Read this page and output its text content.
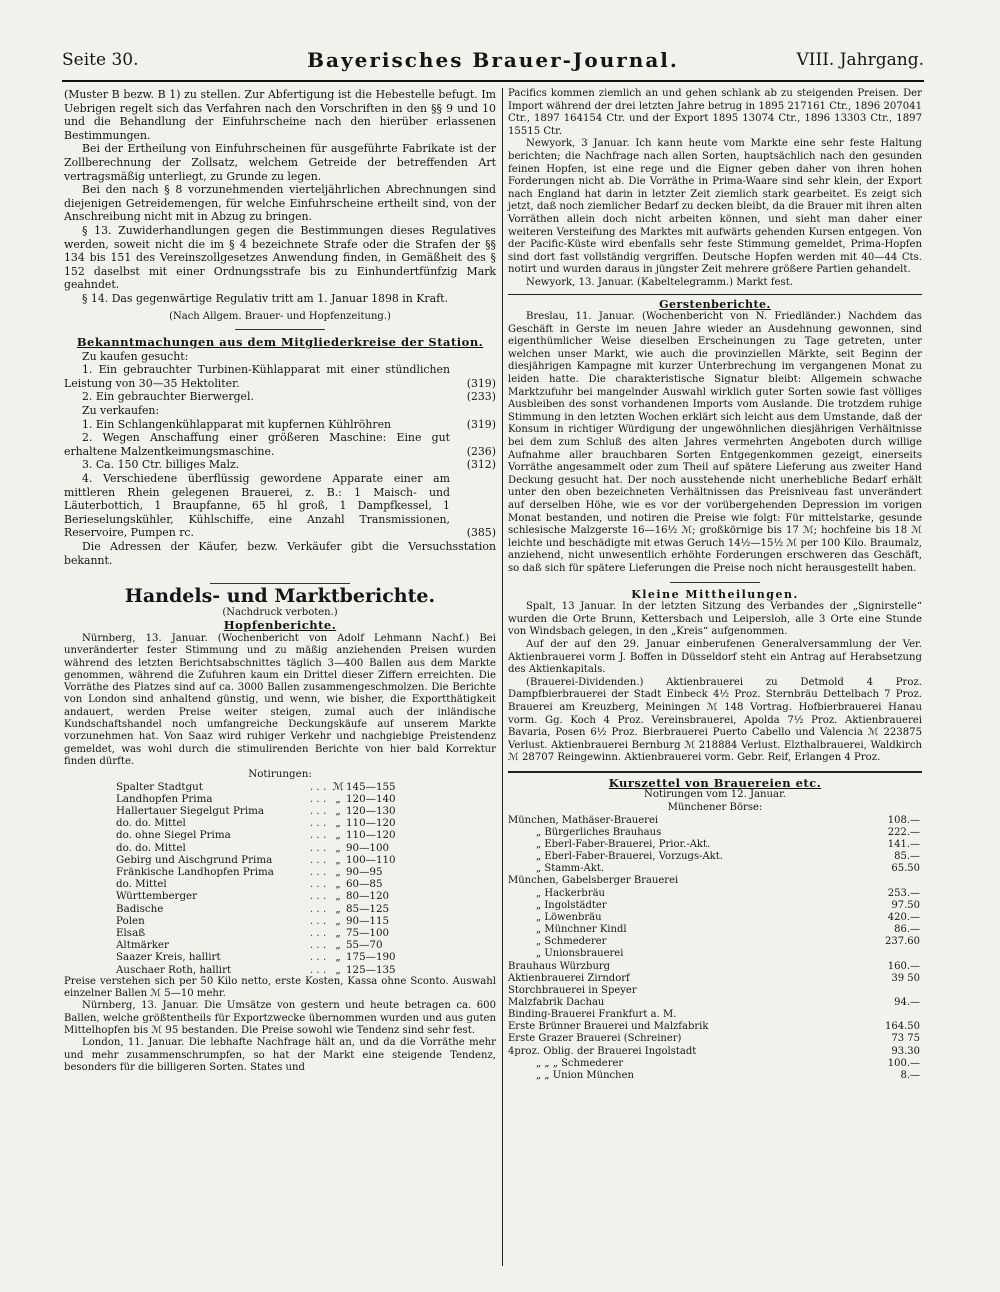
Seite 30.	Bayerisches Brauer-Journal.	VIII. Jahrgang.

(Muster B bezw. B 1) zu stellen. Zur Abfertigung ist die Hebestelle befugt. Im Uebrigen regelt sich das Verfahren nach den Vorschriften in den §§ 9 und 10 und die Behandlung der Einfuhrscheine nach den hierüber erlassenen Bestimmungen.

Bei der Ertheilung von Einfuhrscheinen für ausgeführte Fabrikate ist der Zollberechnung der Zollsatz, welchem Getreide der betreffenden Art vertragsmäßig unterliegt, zu Grunde zu legen.

Bei den nach § 8 vorzunehmenden vierteljährlichen Abrechnungen sind diejenigen Getreidemengen, für welche Einfuhrscheine ertheilt sind, von der Anschreibung nicht mit in Abzug zu bringen.

§ 13. Zuwiderhandlungen gegen die Bestimmungen dieses Regulatives werden, soweit nicht die im § 4 bezeichnete Strafe oder die Strafen der §§ 134 bis 151 des Vereinszollgesetzes Anwendung finden, in Gemäßheit des § 152 daselbst mit einer Ordnungsstrafe bis zu Einhundertfünfzig Mark geahndet.

§ 14. Das gegenwärtige Regulativ tritt am 1. Januar 1898 in Kraft.

(Nach Allgem. Brauer- und Hopfenzeitung.)

Bekanntmachungen aus dem Mitgliederkreise der Station.

Zu kaufen gesucht:

1. Ein gebrauchter Turbinen-Kühlapparat mit einer stündlichen Leistung von 30—35 Hektoliter.	(319)

2. Ein gebrauchter Bierwergel.	(233)

Zu verkaufen:

1. Ein Schlangenkühlapparat mit kupfernen Kühlröhren	(319)

2. Wegen Anschaffung einer größeren Maschine: Eine gut erhaltene Malzentkeimungsmaschine.	(236)

3. Ca. 150 Ctr. billiges Malz.	(312)

4. Verschiedene überflüssig gewordene Apparate einer am mittleren Rhein gelegenen Brauerei, z. B.: 1 Maisch- und Läuterbottich, 1 Braupfanne, 65 hl groß, 1 Dampfkessel, 1 Berieselungskühler, Kühlschiffe, eine Anzahl Transmissionen, Reservoire, Pumpen rc.	(385)

Die Adressen der Käufer, bezw. Verkäufer gibt die Versuchsstation bekannt.

Handels- und Marktberichte.

(Nachdruck verboten.)

Hopfenberichte.

Nürnberg, 13. Januar. (Wochenbericht von Adolf Lehmann Nachf.) Bei unveränderter fester Stimmung und zu mäßig anziehenden Preisen wurden während des letzten Berichtsabschnittes täglich 3—400 Ballen aus dem Markte genommen, während die Zufuhren kaum ein Drittel dieser Ziffern erreichten. Die Vorräthe des Platzes sind auf ca. 3000 Ballen zusammengeschmolzen. Die Berichte von London sind anhaltend günstig, und wenn, wie bisher, die Exportthätigkeit andauert, werden Preise weiter steigen, zumal auch der inländische Kundschaftshandel noch umfangreiche Deckungskäufe auf unserem Markte vorzunehmen hat. Von Saaz wird ruhiger Verkehr und nachgiebige Preistendenz gemeldet, was wohl durch die stimulirenden Berichte von hier bald Korrektur finden dürfte.

Notirungen:

Spalter Stadtgut	. . .	ℳ	145—155
Landhopfen Prima	. . .	„	120—140
Hallertauer Siegelgut Prima	. . .	„	120—130
do. do. Mittel	. . .	„	110—120
do. ohne Siegel Prima	. . .	„	110—120
do. do. Mittel	. . .	„	90—100
Gebirg und Aischgrund Prima	. . .	„	100—110
Fränkische Landhopfen Prima	. . .	„	90—95
do. Mittel	. . .	„	60—85
Württemberger	. . .	„	80—120
Badische	. . .	„	85—125
Polen	. . .	„	90—115
Elsaß	. . .	„	75—100
Altmärker	. . .	„	55—70
Saazer Kreis, hallirt	. . .	„	175—190
Auschaer Roth, hallirt	. . .	„	125—135

Preise verstehen sich per 50 Kilo netto, erste Kosten, Kassa ohne Sconto. Auswahl einzelner Ballen ℳ 5—10 mehr.

Nürnberg, 13. Januar. Die Umsätze von gestern und heute betragen ca. 600 Ballen, welche größtentheils für Exportzwecke übernommen wurden und aus guten Mittelhopfen bis ℳ 95 bestanden. Die Preise sowohl wie Tendenz sind sehr fest.

London, 11. Januar. Die lebhafte Nachfrage hält an, und da die Vorräthe mehr und mehr zusammenschrumpfen, so hat der Markt eine steigende Tendenz, besonders für die billigeren Sorten. States und

Pacifics kommen ziemlich an und gehen schlank ab zu steigenden Preisen. Der Import während der drei letzten Jahre betrug in 1895 217161 Ctr., 1896 207041 Ctr., 1897 164154 Ctr. und der Export 1895 13074 Ctr., 1896 13303 Ctr., 1897 15515 Ctr.

Newyork, 3 Januar. Ich kann heute vom Markte eine sehr feste Haltung berichten; die Nachfrage nach allen Sorten, hauptsächlich nach den gesunden feinen Hopfen, ist eine rege und die Eigner geben daher von ihren hohen Forderungen nicht ab. Die Vorräthe in Prima-Waare sind sehr klein, der Export nach England hat darin in letzter Zeit ziemlich stark gearbeitet. Es zeigt sich jetzt, daß noch ziemlicher Bedarf zu decken bleibt, da die Brauer mit ihren alten Vorräthen allein doch nicht arbeiten können, und sieht man daher einer weiteren Versteifung des Marktes mit aufwärts gehenden Kursen entgegen. Von der Pacific-Küste wird ebenfalls sehr feste Stimmung gemeldet, Prima-Hopfen sind dort fast vollständig vergriffen. Deutsche Hopfen werden mit 40—44 Cts. notirt und wurden daraus in jüngster Zeit mehrere größere Partien gehandelt.

Newyork, 13. Januar. (Kabeltelegramm.) Markt fest.

Gerstenberichte.

Breslau, 11. Januar. (Wochenbericht von N. Friedländer.) Nachdem das Geschäft in Gerste im neuen Jahre wieder an Ausdehnung gewonnen, sind eigenthümlicher Weise dieselben Erscheinungen zu Tage getreten, unter welchen unser Markt, wie auch die provinziellen Märkte, seit Beginn der diesjährigen Kampagne mit kurzer Unterbrechung im vergangenen Monat zu leiden hatte. Die charakteristische Signatur bleibt: Allgemein schwache Marktzufuhr bei mangelnder Auswahl wirklich guter Sorten sowie fast völliges Ausbleiben des sonst vorhandenen Imports vom Auslande. Die trotzdem ruhige Stimmung in den letzten Wochen erklärt sich leicht aus dem Umstande, daß der Konsum in richtiger Würdigung der ungewöhnlichen diesjährigen Verhältnisse bei dem zum Schluß des alten Jahres vermehrten Angeboten durch willige Aufnahme aller brauchbaren Sorten Entgegenkommen gezeigt, einerseits Vorräthe angesammelt oder zum Theil auf spätere Lieferung aus zweiter Hand Deckung gesucht hat. Der noch ausstehende nicht unerhebliche Bedarf erhält unter den oben bezeichneten Verhältnissen das Preisniveau fast unverändert auf derselben Höhe, wie es vor der vorübergehenden Depression im vorigen Monat bestanden, und notiren die Preise wie folgt: Für mittelstarke, gesunde schlesische Malzgerste 16—16½ ℳ; großkörnige bis 17 ℳ; hochfeine bis 18 ℳ leichte und beschädigte mit etwas Geruch 14½—15½ ℳ per 100 Kilo. Braumalz, anziehend, nicht unwesentlich erhöhte Forderungen erschweren das Geschäft, so daß sich für spätere Lieferungen die Preise noch nicht herausgestellt haben.

Kleine Mittheilungen.

Spalt, 13 Januar. In der letzten Sitzung des Verbandes der „Signirstelle“ wurden die Orte Brunn, Kettersbach und Leipersloh, alle 3 Orte eine Stunde von Windsbach gelegen, in den „Kreis“ aufgenommen.

Auf der auf den 29. Januar einberufenen Generalversammlung der Ver. Aktienbrauerei vorm J. Boffen in Düsseldorf steht ein Antrag auf Herabsetzung des Aktienkapitals.

(Brauerei-Dividenden.) Aktienbrauerei zu Detmold 4 Proz. Dampfbierbrauerei der Stadt Einbeck 4½ Proz. Sternbräu Dettelbach 7 Proz. Brauerei am Kreuzberg, Meiningen ℳ 148 Vortrag. Hofbierbrauerei Hanau vorm. Gg. Koch 4 Proz. Vereinsbrauerei, Apolda 7½ Proz. Aktienbrauerei Bavaria, Posen 6½ Proz. Bierbrauerei Puerto Cabello und Valencia ℳ 223875 Verlust. Aktienbrauerei Bernburg ℳ 218884 Verlust. Elzthalbrauerei, Waldkirch ℳ 28707 Reingewinn. Aktienbrauerei vorm. Gebr. Reif, Erlangen 4 Proz.

Kurszettel von Brauereien etc.

Notirungen vom 12. Januar.

Münchener Börse:

München, Mathäser-Brauerei	108.—
„ Bürgerliches Brauhaus	222.—
„ Eberl-Faber-Brauerei, Prior.-Akt.	141.—
„ Eberl-Faber-Brauerei, Vorzugs-Akt.	85.—
„ Stamm-Akt.	65.50
München, Gabelsberger Brauerei	
„ Hackerbräu	253.—
„ Ingolstädter	97.50
„ Löwenbräu	420.—
„ Münchner Kindl	86.—
„ Schmederer	237.60
„ Unionsbrauerei	
Brauhaus Würzburg	160.—
Aktienbrauerei Zirndorf	39 50
Storchbrauerei in Speyer	
Malzfabrik Dachau	94.—
Binding-Brauerei Frankfurt a. M.	
Erste Brünner Brauerei und Malzfabrik	164.50
Erste Grazer Brauerei (Schreiner)	73 75
4proz. Oblig. der Brauerei Ingolstadt	93.30
„ „ „ Schmederer	100.—
„ „ Union München	8.—
